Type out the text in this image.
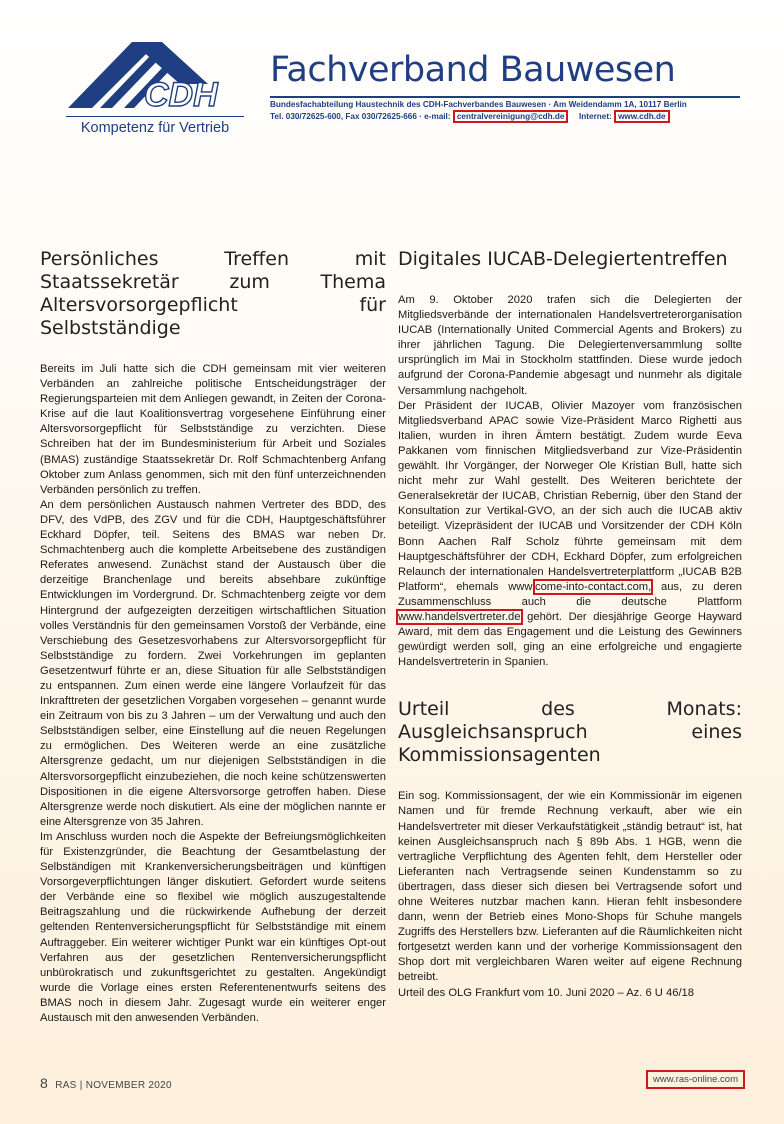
CDH
Kompetenz für Vertrieb
Fachverband Bauwesen
Bundesfachabteilung Haustechnik des CDH-Fachverbandes Bauwesen · Am Weidendamm 1A, 10117 Berlin
Tel. 030/72625-600, Fax 030/72625-666 · e-mail: centralvereinigung@cdh.de Internet: www.cdh.de
Persönliches Treffen mit Staatssekretär zum Thema Altersvorsorgepflicht für Selbstständige

Bereits im Juli hatte sich die CDH gemeinsam mit vier weiteren Verbänden an zahlreiche politische Entscheidungsträger der Regierungsparteien mit dem Anliegen gewandt, in Zeiten der Corona-Krise auf die laut Koalitionsvertrag vorgesehene Einführung einer Altersvorsorgepflicht für Selbstständige zu verzichten. Diese Schreiben hat der im Bundesministerium für Arbeit und Soziales (BMAS) zuständige Staatssekretär Dr. Rolf Schmachtenberg Anfang Oktober zum Anlass genommen, sich mit den fünf unterzeichnenden Verbänden persönlich zu treffen.

An dem persönlichen Austausch nahmen Vertreter des BDD, des DFV, des VdPB, des ZGV und für die CDH, Hauptgeschäftsführer Eckhard Döpfer, teil. Seitens des BMAS war neben Dr. Schmachtenberg auch die komplette Arbeitsebene des zuständigen Referates anwesend. Zunächst stand der Austausch über die derzeitige Branchenlage und bereits absehbare zukünftige Entwicklungen im Vordergrund. Dr. Schmachtenberg zeigte vor dem Hintergrund der aufgezeigten derzeitigen wirtschaftlichen Situation volles Verständnis für den gemeinsamen Vorstoß der Verbände, eine Verschiebung des Gesetzesvorhabens zur Altersvorsorgepflicht für Selbstständige zu fordern. Zwei Vorkehrungen im geplanten Gesetzentwurf führte er an, diese Situation für alle Selbstständigen zu entspannen. Zum einen werde eine längere Vorlaufzeit für das Inkrafttreten der gesetzlichen Vorgaben vorgesehen – genannt wurde ein Zeitraum von bis zu 3 Jahren – um der Verwaltung und auch den Selbstständigen selber, eine Einstellung auf die neuen Regelungen zu ermöglichen. Des Weiteren werde an eine zusätzliche Altersgrenze gedacht, um nur diejenigen Selbstständigen in die Altersvorsorgepflicht einzubeziehen, die noch keine schützenswerten Dispositionen in die eigene Altersvorsorge getroffen haben. Diese Altersgrenze werde noch diskutiert. Als eine der möglichen nannte er eine Altersgrenze von 35 Jahren.

Im Anschluss wurden noch die Aspekte der Befreiungsmöglichkeiten für Existenzgründer, die Beachtung der Gesamtbelastung der Selbständigen mit Krankenversicherungsbeiträgen und künftigen Vorsorgeverpflichtungen länger diskutiert. Gefordert wurde seitens der Verbände eine so flexibel wie möglich auszugestaltende Beitragszahlung und die rückwirkende Aufhebung der derzeit geltenden Rentenversicherungspflicht für Selbstständige mit einem Auftraggeber. Ein weiterer wichtiger Punkt war ein künftiges Opt-out Verfahren aus der gesetzlichen Rentenversicherungspflicht unbürokratisch und zukunftsgerichtet zu gestalten. Angekündigt wurde die Vorlage eines ersten Referentenentwurfs seitens des BMAS noch in diesem Jahr. Zugesagt wurde ein weiterer enger Austausch mit den anwesenden Verbänden.

Digitales IUCAB-Delegiertentreffen

Am 9. Oktober 2020 trafen sich die Delegierten der Mitgliedsverbände der internationalen Handelsvertreterorganisation IUCAB (Internationally United Commercial Agents and Brokers) zu ihrer jährlichen Tagung. Die Delegiertenversammlung sollte ursprünglich im Mai in Stockholm stattfinden. Diese wurde jedoch aufgrund der Corona-Pandemie abgesagt und nunmehr als digitale Versammlung nachgeholt.

Der Präsident der IUCAB, Olivier Mazoyer vom französischen Mitgliedsverband APAC sowie Vize-Präsident Marco Righetti aus Italien, wurden in ihren Ämtern bestätigt. Zudem wurde Eeva Pakkanen vom finnischen Mitgliedsverband zur Vize-Präsidentin gewählt. Ihr Vorgänger, der Norweger Ole Kristian Bull, hatte sich nicht mehr zur Wahl gestellt. Des Weiteren berichtete der Generalsekretär der IUCAB, Christian Rebernig, über den Stand der Konsultation zur Vertikal-GVO, an der sich auch die IUCAB aktiv beteiligt. Vizepräsident der IUCAB und Vorsitzender der CDH Köln Bonn Aachen Ralf Scholz führte gemeinsam mit dem Hauptgeschäftsführer der CDH, Eckhard Döpfer, zum erfolgreichen Relaunch der internationalen Handelsvertreterplattform „IUCAB B2B Platform“, ehemals www.come-into-contact.com, aus, zu deren Zusammenschluss auch die deutsche Plattform www.handelsvertreter.de gehört. Der diesjährige George Hayward Award, mit dem das Engagement und die Leistung des Gewinners gewürdigt werden soll, ging an eine erfolgreiche und engagierte Handelsvertreterin in Spanien.

Urteil des Monats: Ausgleichsanspruch eines Kommissionsagenten

Ein sog. Kommissionsagent, der wie ein Kommissionär im eigenen Namen und für fremde Rechnung verkauft, aber wie ein Handelsvertreter mit dieser Verkaufstätigkeit „ständig betraut“ ist, hat keinen Ausgleichsanspruch nach § 89b Abs. 1 HGB, wenn die vertragliche Verpflichtung des Agenten fehlt, dem Hersteller oder Lieferanten nach Vertragsende seinen Kundenstamm so zu übertragen, dass dieser sich diesen bei Vertragsende sofort und ohne Weiteres nutzbar machen kann. Hieran fehlt insbesondere dann, wenn der Betrieb eines Mono-Shops für Schuhe mangels Zugriffs des Herstellers bzw. Lieferanten auf die Räumlichkeiten nicht fortgesetzt werden kann und der vorherige Kommissionsagent den Shop dort mit vergleichbaren Waren weiter auf eigene Rechnung betreibt.

Urteil des OLG Frankfurt vom 10. Juni 2020 – Az. 6 U 46/18

8 RAS | NOVEMBER 2020
www.ras-online.com
